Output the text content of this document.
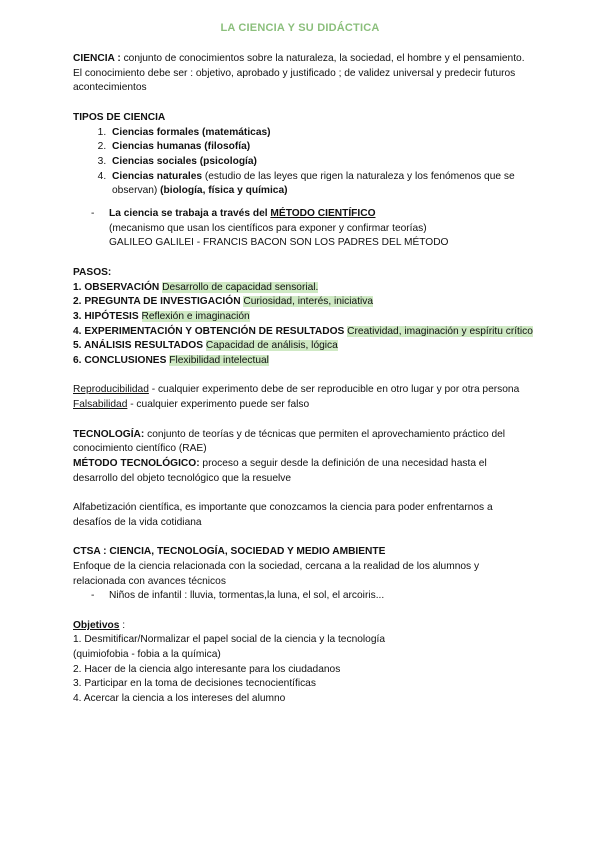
LA CIENCIA Y SU DIDÁCTICA

CIENCIA : conjunto de conocimientos sobre la naturaleza, la sociedad, el hombre y el pensamiento.

El conocimiento debe ser : objetivo, aprobado y justificado ; de validez universal y predecir futuros acontecimientos

TIPOS DE CIENCIA
1. Ciencias formales (matemáticas)
2. Ciencias humanas (filosofía)
3. Ciencias sociales (psicología)
4. Ciencias naturales (estudio de las leyes que rigen la naturaleza y los fenómenos que se observan) (biología, física y química)
- La ciencia se trabaja a través del MÉTODO CIENTÍFICO
(mecanismo que usan los científicos para exponer y confirmar teorías)
GALILEO GALILEI - FRANCIS BACON SON LOS PADRES DEL MÉTODO
PASOS:
1. OBSERVACIÓN Desarrollo de capacidad sensorial.
2. PREGUNTA DE INVESTIGACIÓN Curiosidad, interés, iniciativa
3. HIPÓTESIS Reflexión e imaginación
4. EXPERIMENTACIÓN Y OBTENCIÓN DE RESULTADOS Creatividad, imaginación y espíritu crítico
5. ANÁLISIS RESULTADOS Capacidad de análisis, lógica
6. CONCLUSIONES Flexibilidad intelectual

Reproducibilidad - cualquier experimento debe de ser reproducible en otro lugar y por otra persona

Falsabilidad - cualquier experimento puede ser falso

TECNOLOGÍA: conjunto de teorías y de técnicas que permiten el aprovechamiento práctico del conocimiento científico (RAE)

MÉTODO TECNOLÓGICO: proceso a seguir desde la definición de una necesidad hasta el desarrollo del objeto tecnológico que la resuelve

Alfabetización científica, es importante que conozcamos la ciencia para poder enfrentarnos a desafíos de la vida cotidiana

CTSA : CIENCIA, TECNOLOGÍA, SOCIEDAD Y MEDIO AMBIENTE

Enfoque de la ciencia relacionada con la sociedad, cercana a la realidad de los alumnos y relacionada con avances técnicos

- Niños de infantil : lluvia, tormentas,la luna, el sol, el arcoiris...
Objetivos :
1. Desmitificar/Normalizar el papel social de la ciencia y la tecnología
(quimiofobia - fobia a la química)
2. Hacer de la ciencia algo interesante para los ciudadanos
3. Participar en la toma de decisiones tecnocientíficas
4. Acercar la ciencia a los intereses del alumno
